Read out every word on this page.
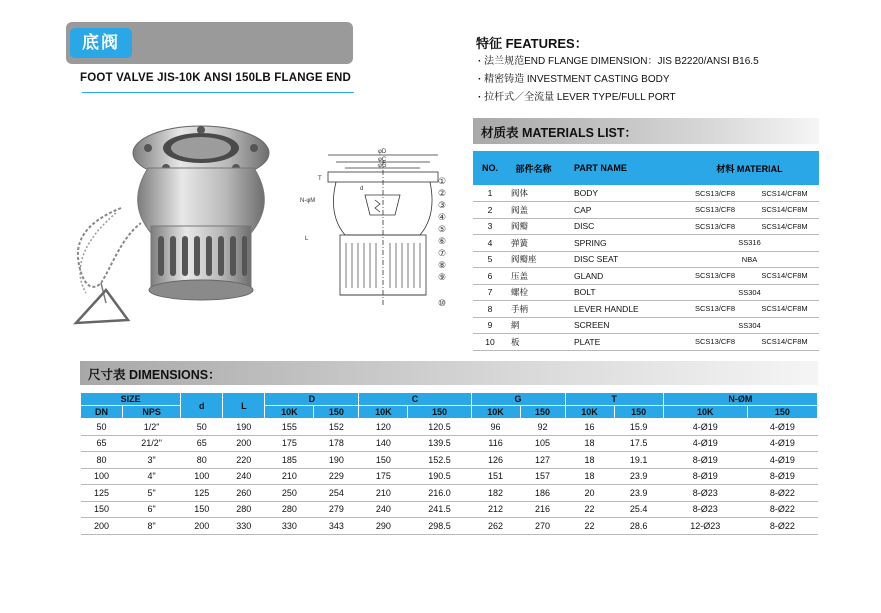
底阀
FOOT VALVE JIS-10K ANSI 150LB FLANGE END
φD
φC
φG
T
L
d
N-φM
①
②
③
④
⑤
⑥
⑦
⑧
⑨
⑩
特征 FEATURES：
· 法兰规范END FLANGE DIMENSION：JIS B2220/ANSI B16.5
· 精密铸造 INVESTMENT CASTING BODY
· 拉杆式／全流量 LEVER TYPE/FULL PORT
材质表 MATERIALS LIST：
NO.	部件名称	PART NAME	材料 MATERIAL	
1	阀体	BODY	SCS13/CF8	SCS14/CF8M
2	阀盖	CAP	SCS13/CF8	SCS14/CF8M
3	阀瓣	DISC	SCS13/CF8	SCS14/CF8M
4	弹簧	SPRING	SS316	
5	阀瓣座	DISC SEAT	NBA	
6	压盖	GLAND	SCS13/CF8	SCS14/CF8M
7	螺栓	BOLT	SS304	
8	手柄	LEVER HANDLE	SCS13/CF8	SCS14/CF8M
9	網	SCREEN	SS304	
10	板	PLATE	SCS13/CF8	SCS14/CF8M
尺寸表 DIMENSIONS：
SIZE		d	L	D		C		G		T		N-ØM	
DN	NPS			10K	150	10K	150	10K	150	10K	150	10K	150
50	1/2"	50	190	155	152	120	120.5	96	92	16	15.9	4-Ø19	4-Ø19
65	21/2"	65	200	175	178	140	139.5	116	105	18	17.5	4-Ø19	4-Ø19
80	3"	80	220	185	190	150	152.5	126	127	18	19.1	8-Ø19	4-Ø19
100	4"	100	240	210	229	175	190.5	151	157	18	23.9	8-Ø19	8-Ø19
125	5"	125	260	250	254	210	216.0	182	186	20	23.9	8-Ø23	8-Ø22
150	6"	150	280	280	279	240	241.5	212	216	22	25.4	8-Ø23	8-Ø22
200	8"	200	330	330	343	290	298.5	262	270	22	28.6	12-Ø23	8-Ø22
